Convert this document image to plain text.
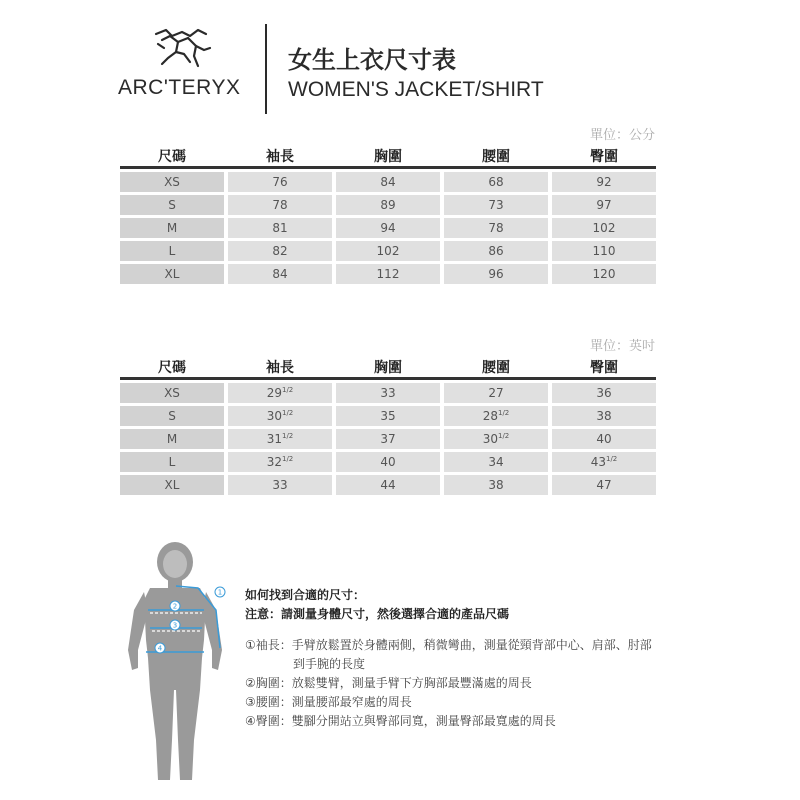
ARC'TERYX
女生上衣尺寸表
WOMEN'S JACKET/SHIRT
單位：公分
尺碼		袖長		胸圍		腰圍		臀圍
XS		76		84		68		92
S		78		89		73		97
M		81		94		78		102
L		82		102		86		110
XL		84		112		96		120
單位：英吋
尺碼		袖長		胸圍		腰圍		臀圍
XS		$29^{1/2}$		33		27		36
S		$30^{1/2}$		35		$28^{1/2}$		38
M		$31^{1/2}$		37		$30^{1/2}$		40
L		$32^{1/2}$		40		34		$43^{1/2}$
XL		33		44		38		47
1
2
3
4
如何找到合適的尺寸：
注意：請測量身體尺寸，然後選擇合適的產品尺碼
①袖長：手臂放鬆置於身體兩側，稍微彎曲，測量從頸背部中心、肩部、肘部
到手腕的長度
②胸圍：放鬆雙臂，測量手臂下方胸部最豐滿處的周長
③腰圍：測量腰部最窄處的周長
④臀圍：雙腳分開站立與臀部同寬，測量臀部最寬處的周長
